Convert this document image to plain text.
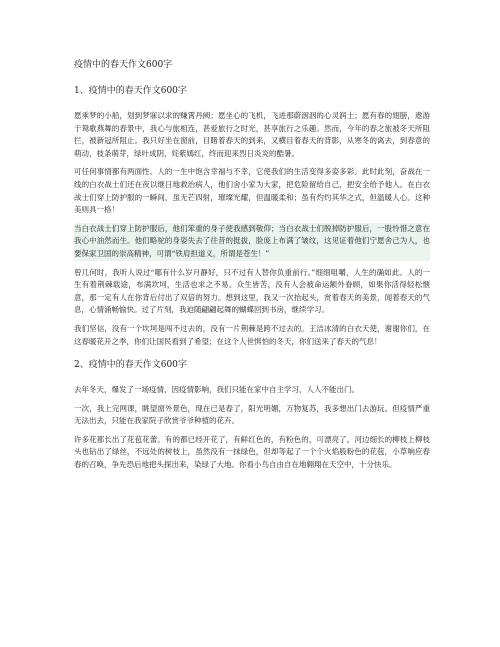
疫情中的春天作文600字
1、疫情中的春天作文600字

愿乘梦的小船，划到梦寐以求的赚霄丹阙；愿坐心的飞机，飞进那蔚洇洇的心灵润土；愿有春的翅膀，遨游于鸳歌燕舞的春景中，我心与旅相连，甚爱旅行之时光，甚享旅行之乐趣。然而，今年的春之旅被冬天所阻拦，被新冠所阻止。我只好坐在窗前，目睹着春天的到来，又横目着春天的背影，从寒冬的离去，到春意的萌动，枝条萌芽，绿叶成阴，姹紫嫣红，终而迎来烈日炎炎的酷暑。

可任何事情都有两面性。人的一生中饱含幸福与不幸，它使我们的生活变得多姿多彩。此时此刻，奋战在一线的白衣战士们还在夜以继日地救治病人，他们舍小家为大家，把危险留给自己，把安全给予他人。在白衣战士们穿上防护服的一瞬间，虽无芒四射，璀璨光耀，但温暖柔和；虽有灼灼其华之式，但温暖人心。这种美则具一格！

当白衣战士们穿上防护服后，他们笨重的身子使我感到敬仰；当白衣战士们脱掉防护服后，一股怜惜之意在我心中油然而生。他们略驼的身姿失去了往昔的挺拔，脸庞上布满了皱纹，这见证着他们宁愿舍己为人，也要保家卫国的崇高精神，可谓“铁肩担道义，所谓是苍生！”

曾几何时，我听人说过“哪有什么岁月静好，只不过有人替你负重前行。”细细咀嚼，人生的确如此。人的一生有着荆棘载途，布满坎坷，生活也求之不易。众生皆苦，没有人会被命运额外眷顾，如果你活得轻松惬意，那一定有人在你背后付出了双倍的努力。想到这里，我又一次抬起头，赏着春天的美景，闻着春天的气息，心情涌畅愉快。过了片刻，我迫随翩翩起舞的蝴蝶回到书房，继续学习。

我们坚信，没有一个坎坷是闯不过去的，没有一片荆棘是跨不过去的。王洁冰清的白衣天使，谢谢你们，在这春暖花开之季，你们让国民看到了希望；在这个人世惧怕的冬天，你们送来了春天的气息！

2、疫情中的春天作文600字

去年冬天，爆发了一场疫情，因疫情影响，我们只能在家中自主学习，人人不能出门。

一次，我上完网课，眺望窗外景色，现在已是春了，阳光明媚，万物复苏，我多想出门去游玩。但疫情严重无法出去，只能在我家院子欣赏爷爷种植的花卉。

许多花都长出了花苞花蕾。有的都已经开花了，有鲜红色的，有粉色的，可漂亮了。河边细长的柳枝上柳枝头也钻出了绿丝，不远处的树枝上，虽然没有一抹绿色，但却等起了一个个火焰般粉色的花苞，小草响应春春的召唤，争先恐后地把头探出来，染绿了大地。你看小鸟自由自在地翱翔在天空中，十分快乐。
